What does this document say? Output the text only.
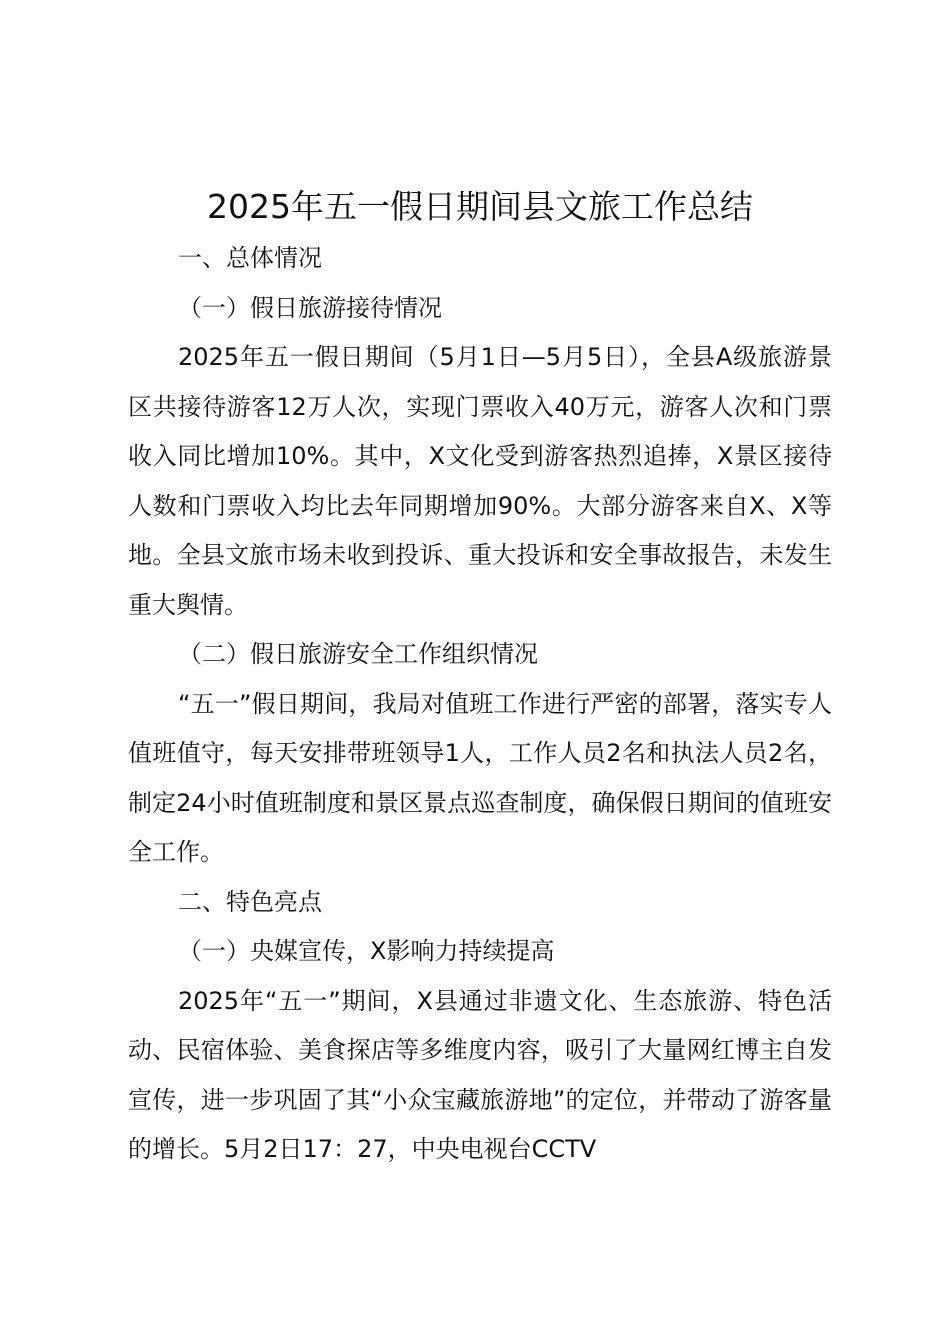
2025年五一假日期间县文旅工作总结

一、总体情况

（一）假日旅游接待情况

2025年五一假日期间（5月1日—5月5日），全县A级旅游景区共接待游客12万人次，实现门票收入40万元，游客人次和门票收入同比增加10%。其中，X文化受到游客热烈追捧，X景区接待人数和门票收入均比去年同期增加90%。大部分游客来自X、X等地。全县文旅市场未收到投诉、重大投诉和安全事故报告，未发生重大舆情。

（二）假日旅游安全工作组织情况

“五一”假日期间，我局对值班工作进行严密的部署，落实专人值班值守，每天安排带班领导1人，工作人员2名和执法人员2名，制定24小时值班制度和景区景点巡查制度，确保假日期间的值班安全工作。

二、特色亮点

（一）央媒宣传，X影响力持续提高

2025年“五一”期间，X县通过非遗文化、生态旅游、特色活动、民宿体验、美食探店等多维度内容，吸引了大量网红博主自发宣传，进一步巩固了其“小众宝藏旅游地”的定位，并带动了游客量的增长。5月2日17：27，中央电视台CCTV
